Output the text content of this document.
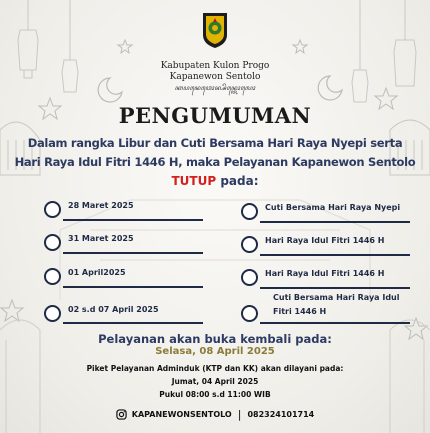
Kabupaten Kulon Progo
Kapanewon Sentolo
ꦏꦥꦤꦺꦮꦺꦴꦤ꧀ꦱꦼꦤ꧀ꦠꦺꦴꦭꦺꦴ
PENGUMUMAN
Dalam rangka Libur dan Cuti Bersama Hari Raya Nyepi serta
Hari Raya Idul Fitri 1446 H, maka Pelayanan Kapanewon Sentolo
TUTUP pada:
28 Maret 2025
31 Maret 2025
01 April2025
02 s.d 07 April 2025
Cuti Bersama Hari Raya Nyepi
Hari Raya Idul Fitri 1446 H
Hari Raya Idul Fitri 1446 H
Cuti Bersama Hari Raya Idul
Fitri 1446 H
Pelayanan akan buka kembali pada:
Selasa, 08 April 2025
Piket Pelayanan Adminduk (KTP dan KK) akan dilayani pada:
Jumat, 04 April 2025
Pukul 08:00 s.d 11:00 WIB
KAPANEWONSENTOLO | 082324101714
